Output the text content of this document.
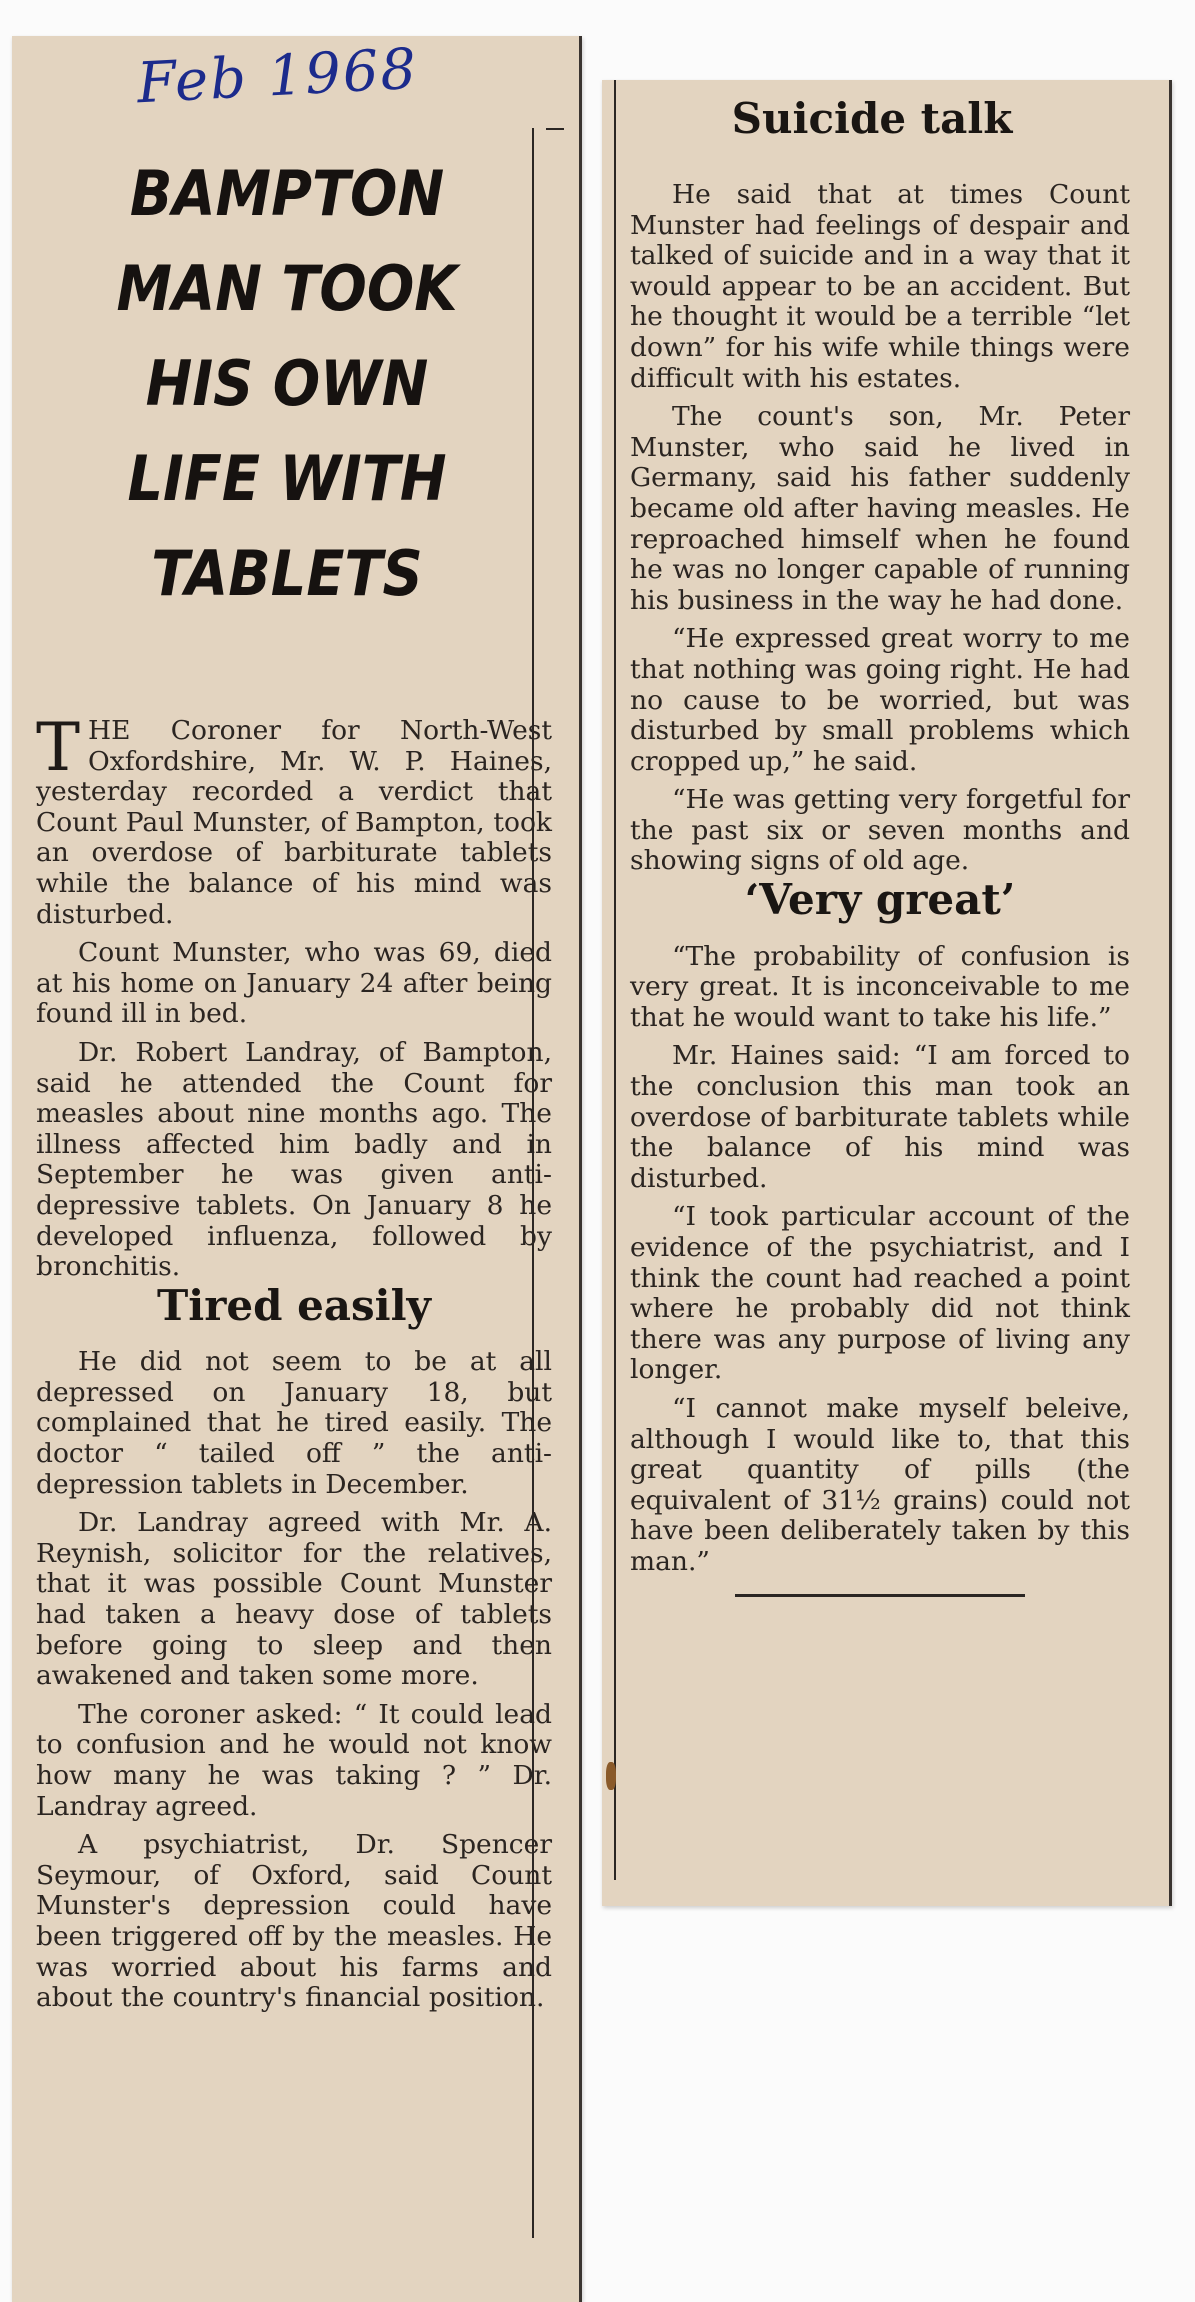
Feb 1968
BAMPTON MAN TOOK HIS OWN LIFE WITH TABLETS

THE Coroner for North-West Oxfordshire, Mr. W. P. Haines, yesterday recorded a verdict that Count Paul Munster, of Bampton, took an overdose of barbiturate tablets while the balance of his mind was disturbed.

Count Munster, who was 69, died at his home on January 24 after being found ill in bed.

Dr. Robert Landray, of Bampton, said he attended the Count for measles about nine months ago. The illness affected him badly and in September he was given anti-depressive tablets. On January 8 he developed influenza, followed by bronchitis.

Tired easily

He did not seem to be at all depressed on January 18, but complained that he tired easily. The doctor “ tailed off ” the anti-depression tablets in December.

Dr. Landray agreed with Mr. A. Reynish, solicitor for the relatives, that it was possible Count Munster had taken a heavy dose of tablets before going to sleep and then awakened and taken some more.

The coroner asked: “ It could lead to confusion and he would not know how many he was taking ? ” Dr. Landray agreed.

A psychiatrist, Dr. Spencer Seymour, of Oxford, said Count Munster's depression could have been triggered off by the measles. He was worried about his farms and about the country's financial position.

Suicide talk

He said that at times Count Munster had feelings of despair and talked of suicide and in a way that it would appear to be an accident. But he thought it would be a terrible “let down” for his wife while things were difficult with his estates.

The count's son, Mr. Peter Munster, who said he lived in Germany, said his father suddenly became old after having measles. He reproached himself when he found he was no longer capable of running his business in the way he had done.

“He expressed great worry to me that nothing was going right. He had no cause to be worried, but was disturbed by small problems which cropped up,” he said.

“He was getting very forgetful for the past six or seven months and showing signs of old age.

‘Very great’

“The probability of confusion is very great. It is inconceivable to me that he would want to take his life.”

Mr. Haines said: “I am forced to the conclusion this man took an overdose of barbiturate tablets while the balance of his mind was disturbed.

“I took particular account of the evidence of the psychiatrist, and I think the count had reached a point where he probably did not think there was any purpose of living any longer.

“I cannot make myself beleive, although I would like to, that this great quantity of pills (the equivalent of 31½ grains) could not have been deliberately taken by this man.”
